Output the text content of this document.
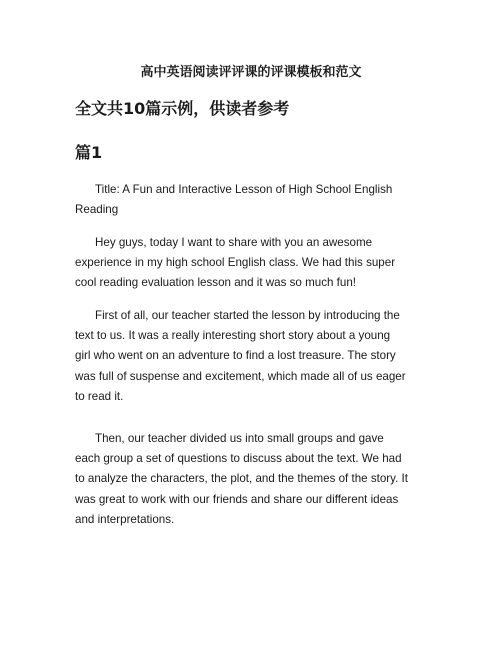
高中英语阅读评评课的评课模板和范文
全文共10篇示例，供读者参考
篇1
Title: A Fun and Interactive Lesson of High School English
Reading
Hey guys, today I want to share with you an awesome
experience in my high school English class. We had this super
cool reading evaluation lesson and it was so much fun!
First of all, our teacher started the lesson by introducing the
text to us. It was a really interesting short story about a young
girl who went on an adventure to find a lost treasure. The story
was full of suspense and excitement, which made all of us eager
to read it.
Then, our teacher divided us into small groups and gave
each group a set of questions to discuss about the text. We had
to analyze the characters, the plot, and the themes of the story. It
was great to work with our friends and share our different ideas
and interpretations.
